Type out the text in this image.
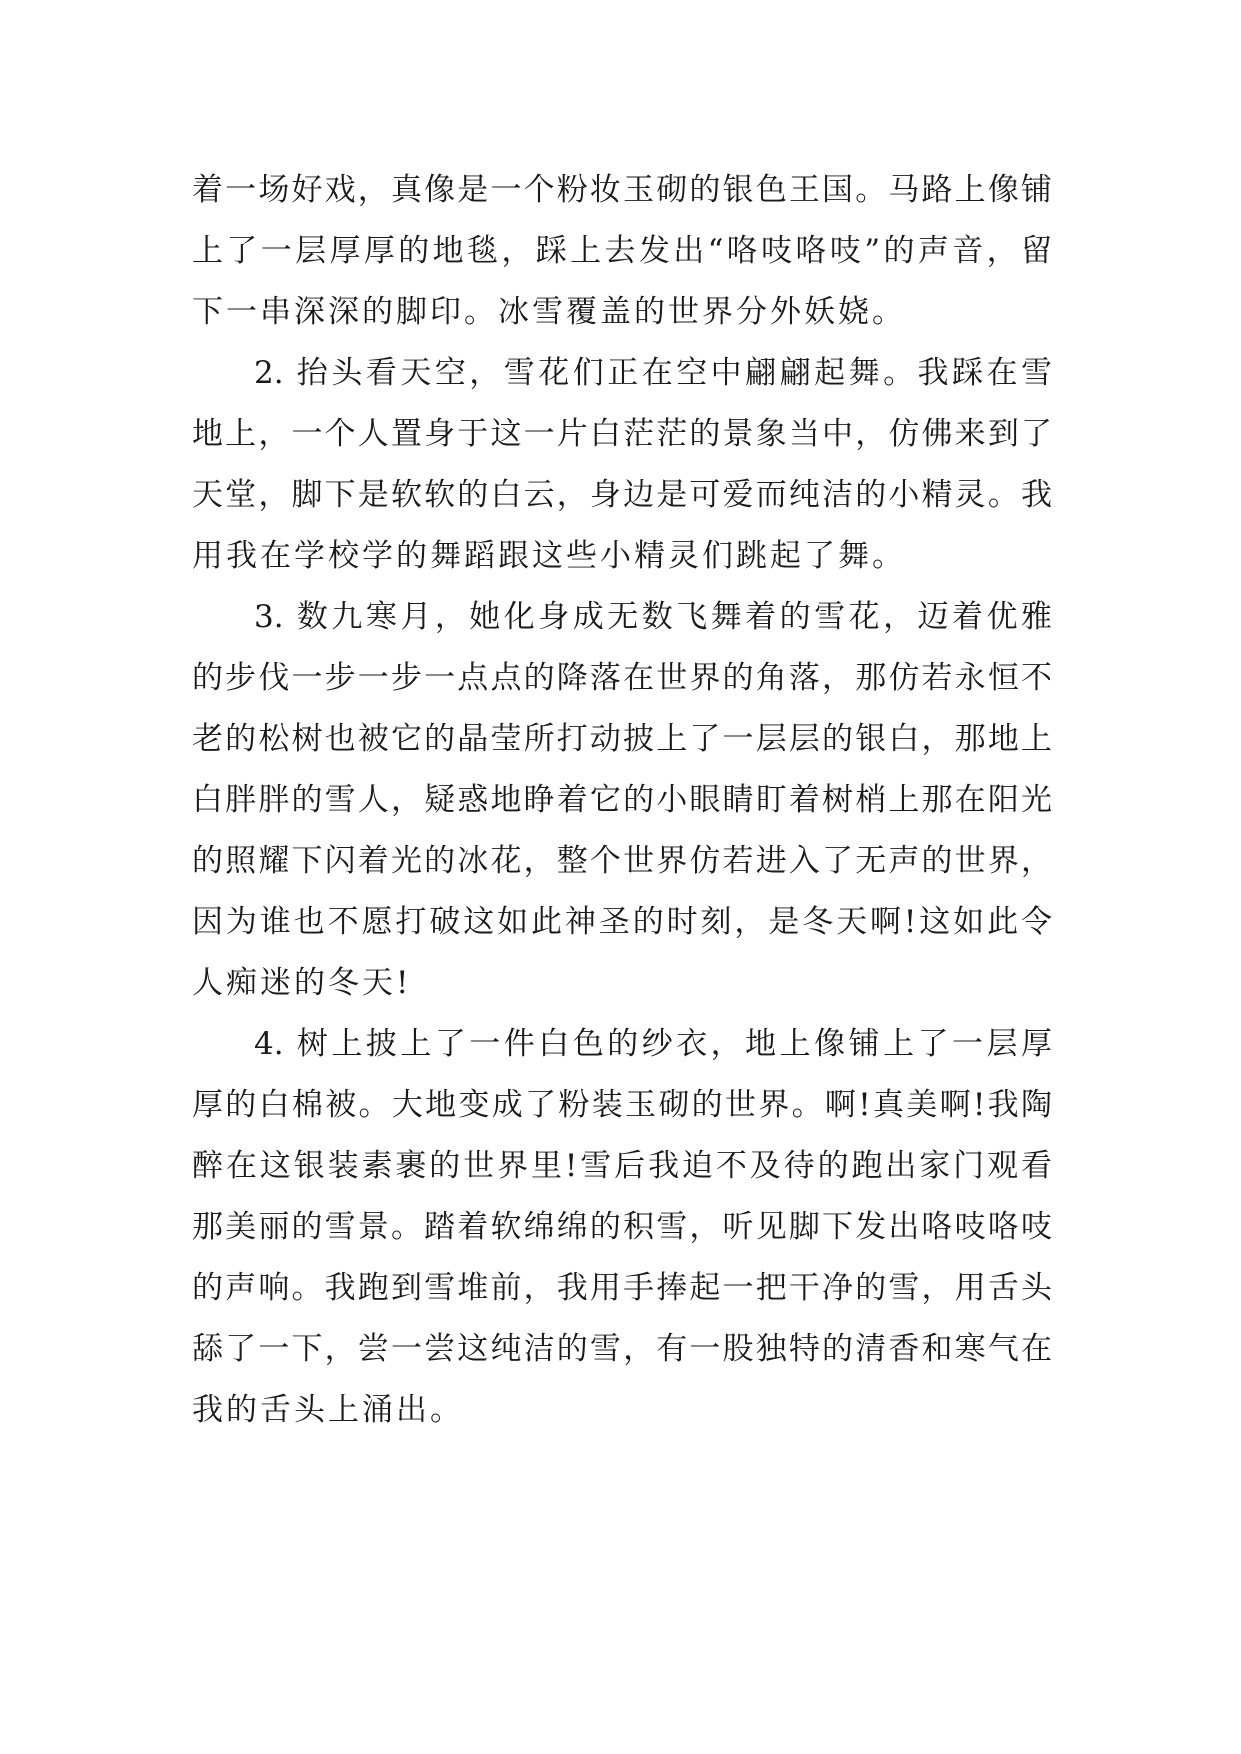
着一场好戏，真像是一个粉妆玉砌的银色王国。马路上像铺
上了一层厚厚的地毯，踩上去发出“咯吱咯吱”的声音，留
下一串深深的脚印。冰雪覆盖的世界分外妖娆。
2. 抬头看天空，雪花们正在空中翩翩起舞。我踩在雪
地上，一个人置身于这一片白茫茫的景象当中，仿佛来到了
天堂，脚下是软软的白云，身边是可爱而纯洁的小精灵。我
用我在学校学的舞蹈跟这些小精灵们跳起了舞。
3. 数九寒月，她化身成无数飞舞着的雪花，迈着优雅
的步伐一步一步一点点的降落在世界的角落，那仿若永恒不
老的松树也被它的晶莹所打动披上了一层层的银白，那地上
白胖胖的雪人，疑惑地睁着它的小眼睛盯着树梢上那在阳光
的照耀下闪着光的冰花，整个世界仿若进入了无声的世界，
因为谁也不愿打破这如此神圣的时刻，是冬天啊!这如此令
人痴迷的冬天!
4. 树上披上了一件白色的纱衣，地上像铺上了一层厚
厚的白棉被。大地变成了粉装玉砌的世界。啊!真美啊!我陶
醉在这银装素裹的世界里!雪后我迫不及待的跑出家门观看
那美丽的雪景。踏着软绵绵的积雪，听见脚下发出咯吱咯吱
的声响。我跑到雪堆前，我用手捧起一把干净的雪，用舌头
舔了一下，尝一尝这纯洁的雪，有一股独特的清香和寒气在
我的舌头上涌出。
